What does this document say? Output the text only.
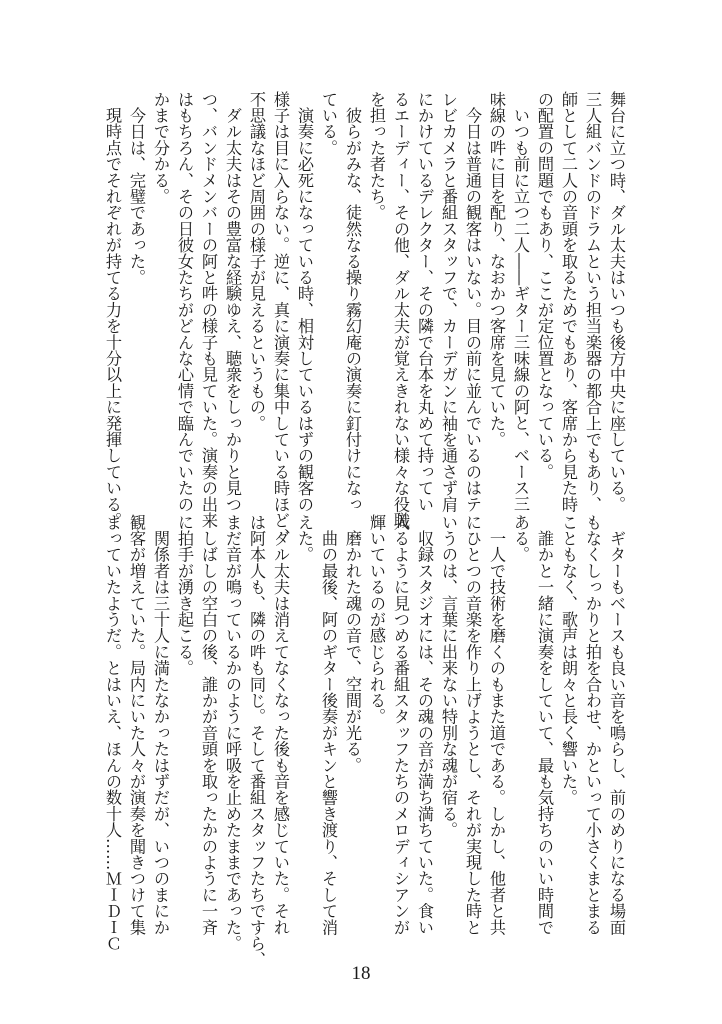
舞台に立つ時、ダル太夫はいつも後方中央に座している。
三人組バンドのドラムという担当楽器の都合上でもあり、
師として二人の音頭を取るためでもあり、客席から見た時
の配置の問題でもあり、ここが定位置となっている。
　いつも前に立つ二人――ギター三味線の阿と、ベース三
味線の吽に目を配り、なおかつ客席を見ていた。
　今日は普通の観客はいない。目の前に並んでいるのはテ
レビカメラと番組スタッフで、カーデガンに袖を通さず肩
にかけているデレクター、その隣で台本を丸めて持ってい
るエーディー、その他、ダル太夫が覚えきれない様々な役職
を担った者たち。
　彼らがみな、徒然なる操り霧幻庵の演奏に釘付けになっ
ている。
　演奏に必死になっている時、相対しているはずの観客の
様子は目に入らない。逆に、真に演奏に集中している時ほど、
不思議なほど周囲の様子が見えるというもの。
　ダル太夫はその豊富な経験ゆえ、聴衆をしっかりと見つ
つ、バンドメンバーの阿と吽の様子も見ていた。演奏の出来
はもちろん、その日彼女たちがどんな心情で臨んでいたの
かまで分かる。
　今日は、完璧であった。
　現時点でそれぞれが持てる力を十分以上に発揮している。
　ギターもベースも良い音を鳴らし、前のめりになる場面
もなくしっかりと拍を合わせ、かといって小さくまとまる
こともなく、歌声は朗々と長く響いた。
　誰かと一緒に演奏をしていて、最も気持ちのいい時間で
ある。
　一人で技術を磨くのもまた道である。しかし、他者と共
にひとつの音楽を作り上げようとし、それが実現した時と
いうのは、言葉に出来ない特別な魂が宿る。
　収録スタジオには、その魂の音が満ち満ちていた。食い
入るように見つめる番組スタッフたちのメロディシアンが
輝いているのが感じられる。
　磨かれた魂の音で、空間が光る。
　曲の最後、阿のギター後奏がキンと響き渡り、そして消
えた。
　ダル太夫は消えてなくなった後も音を感じていた。それ
は阿本人も、隣の吽も同じ。そして番組スタッフたちですら、
まだ音が鳴っているかのように呼吸を止めたままであった。
　しばしの空白の後、誰かが音頭を取ったかのように一斉
に拍手が湧き起こる。
　関係者は三十人に満たなかったはずだが、いつのまにか
観客が増えていた。局内にいた人々が演奏を聞きつけて集
まっていたようだ。とはいえ、ほんの数十人……ＭＩＤＩＣ
18
